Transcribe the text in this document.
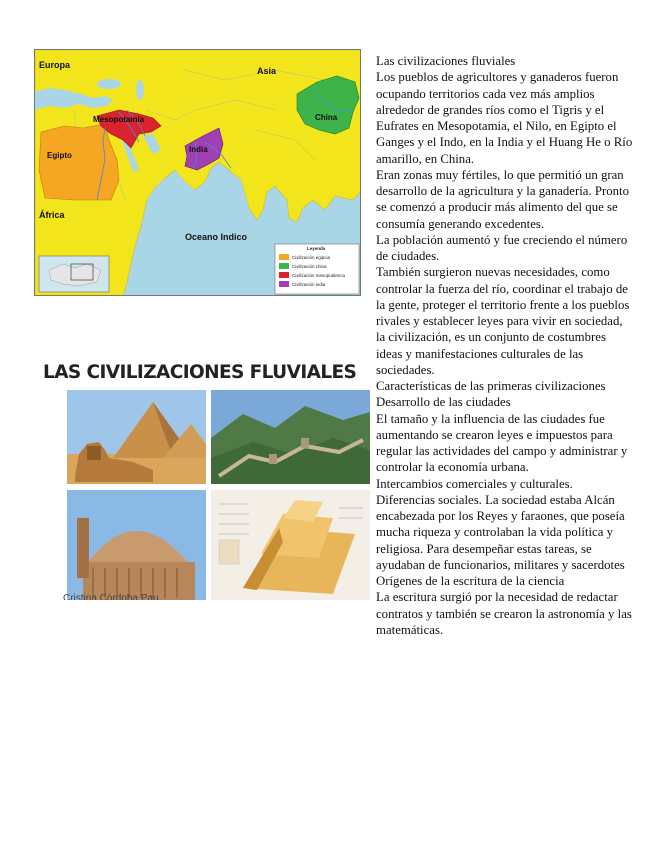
Europa
Asia
Mesopotamia	China
Egipto
India
África
Oceano Indico
Leyenda
Civilización egipcia
Civilización china
Civilización mesopotámica
Civilización india
LAS CIVILIZACIONES FLUVIALES
Cristina Córdoba Pau...

Las civilizaciones fluviales

Los pueblos de agricultores y ganaderos fueron ocupando territorios cada vez más amplios alrededor de grandes ríos como el Tigris y el Eufrates en Mesopotamia, el Nilo, en Egipto el Ganges y el Indo, en la India y el Huang He o Río amarillo, en China.

Eran zonas muy fértiles, lo que permitió un gran desarrollo de la agricultura y la ganadería. Pronto se comenzó a producir más alimento del que se consumía generando excedentes.

La población aumentó y fue creciendo el número de ciudades.

También surgieron nuevas necesidades, como controlar la fuerza del río, coordinar el trabajo de la gente, proteger el territorio frente a los pueblos rivales y establecer leyes para vivir en sociedad, la civilización, es un conjunto de costumbres ideas y manifestaciones culturales de las sociedades.

Características de las primeras civilizaciones

Desarrollo de las ciudades

El tamaño y la influencia de las ciudades fue aumentando se crearon leyes e impuestos para regular las actividades del campo y administrar y controlar la economía urbana.

Intercambios comerciales y culturales.

Diferencias sociales. La sociedad estaba Alcán encabezada por los Reyes y faraones, que poseía mucha riqueza y controlaban la vida política y religiosa. Para desempeñar estas tareas, se ayudaban de funcionarios, militares y sacerdotes Orígenes de la escritura de la ciencia

La escritura surgió por la necesidad de redactar contratos y también se crearon la astronomía y las matemáticas.
